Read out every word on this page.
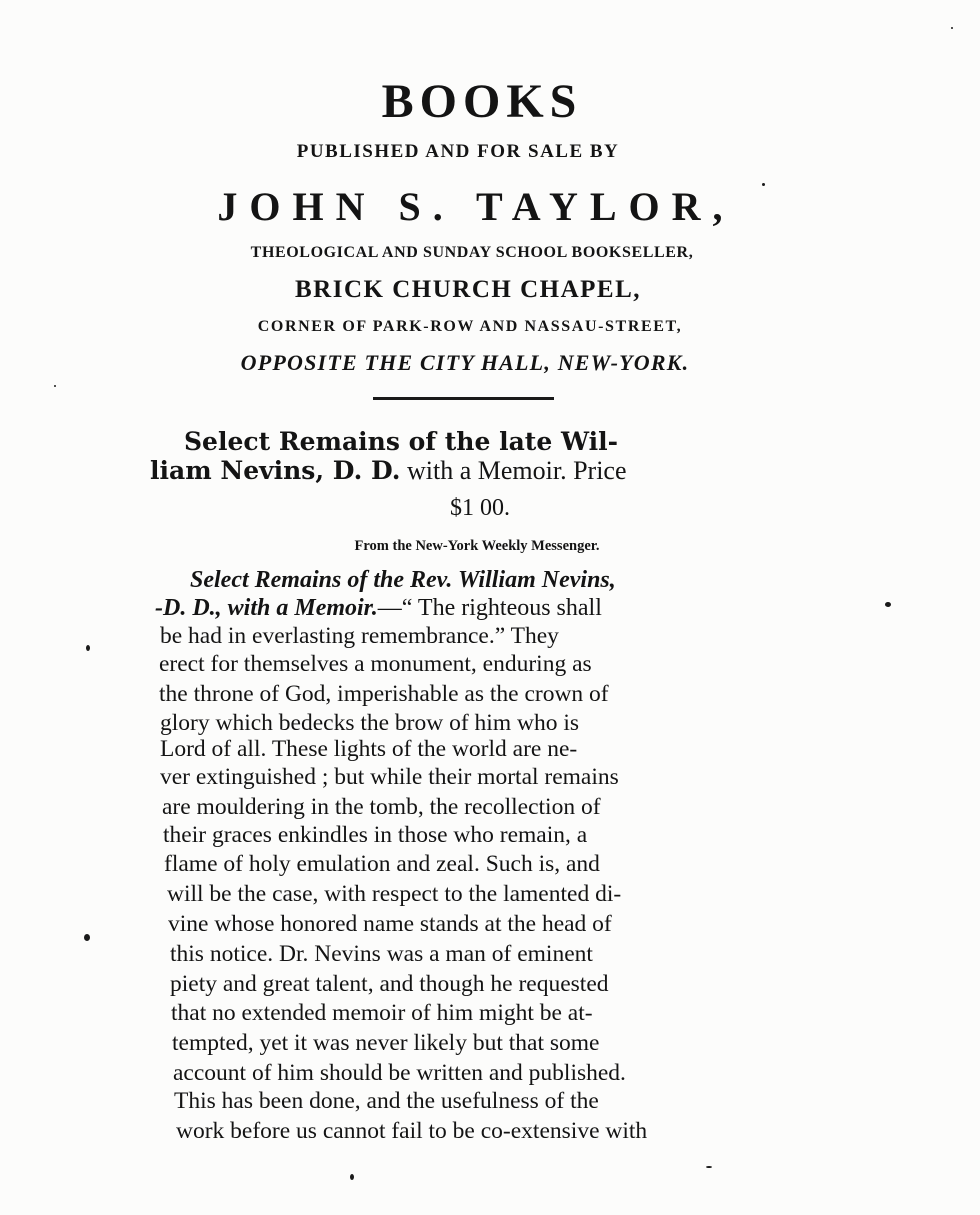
BOOKS
PUBLISHED AND FOR SALE BY
JOHN S. TAYLOR,
THEOLOGICAL AND SUNDAY SCHOOL BOOKSELLER,
BRICK CHURCH CHAPEL,
CORNER OF PARK-ROW AND NASSAU-STREET,
OPPOSITE THE CITY HALL, NEW-YORK.
Select Remains of the late Wil-
liam Nevins, D. D. with a Memoir. Price
$1 00.
From the New-York Weekly Messenger.
Select Remains of the Rev. William Nevins,
-D. D., with a Memoir.—“ The righteous shall
be had in everlasting remembrance.” They
erect for themselves a monument, enduring as
the throne of God, imperishable as the crown of
glory which bedecks the brow of him who is
Lord of all. These lights of the world are ne-
ver extinguished ; but while their mortal remains
are mouldering in the tomb, the recollection of
their graces enkindles in those who remain, a
flame of holy emulation and zeal. Such is, and
will be the case, with respect to the lamented di-
vine whose honored name stands at the head of
this notice. Dr. Nevins was a man of eminent
piety and great talent, and though he requested
that no extended memoir of him might be at-
tempted, yet it was never likely but that some
account of him should be written and published.
This has been done, and the usefulness of the
work before us cannot fail to be co-extensive with
